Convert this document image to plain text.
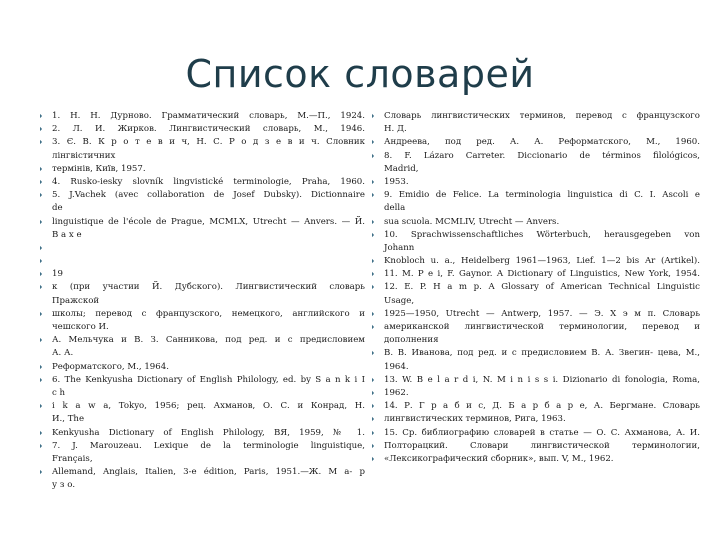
Список словарей
1. Н. Н. Дурново. Грамматический словарь, М.—П., 1924.
2. Л. И. Жирков. Лингвистический словарь, М., 1946.
3. Є. В. К р о т е в и ч, Н. С. Р о д з е в и ч. Словник
лінгвістичних
термінів, Київ, 1957.
4. Rusko-iesky slovník lingvistické terminologie, Praha, 1960.
5. J.Vachek (avec collaboration de Josef Dubsky). Dictionnaire
de
linguistique de l'école de Prague, MCMLX, Utrecht — Anvers. — Й.
B a x e
19
к (при участии Й. Дубского). Лингвистический словарь
Пражской
школы; перевод с французского, немецкого, английского и
чешского И.
А. Мельчука и В. З. Санникова, под ред. и с предисловием
А. А.
Реформатского, М., 1964.
6. The Kenkyusha Dictionary of English Philology, ed. by S a n k i I
c h
i k a w a, Tokyo, 1956; рец. Ахманов, О. С. и Конрад, Н.
И., The
Kenkyusha Dictionary of English Philology, ВЯ, 1959, № 1.
7. J. Marouzeau. Lexique de la terminologie linguistique,
Français,
Allemand, Anglais, Italien, 3-e édition, Paris, 1951.—Ж. М а- р
у з о.
Словарь лингвистических терминов, перевод с французского
Н. Д.
Андреева, под ред. А. А. Реформатского, М., 1960.
8. F. Lázaro Carreter. Diccionario de términos filológicos,
Madrid,
1953.
9. Emidio de Felice. La terminologia linguistica di C. I. Ascoli e
della
sua scuola. MCMLIV, Utrecht — Anvers.
10. Sprachwissenschaftliches Wörterbuch, herausgegeben von
Johann
Knobloch u. a., Heidelberg 1961—1963, Lief. 1—2 bis Ar (Artikel).
11. M. P e i, F. Gaynor. A Dictionary of Linguistics, New York, 1954.
12. E. P. H a m p. A Glossary of American Technical Linguistic
Usage,
1925—1950, Utrecht — Antwerp, 1957. — Э. Х э м п. Словарь
американской лингвистической терминологии, перевод и
дополнения
В. В. Иванова, под ред. и с предисловием В. А. Звегин- цева, М.,
1964.
13. W. B e l a r d i, N. M i n i s s i. Dizionario di fonologia, Roma,
1962.
14. Р. Г р а б и с, Д. Б а р б а р е, А. Бергмане. Словарь
лингвистических терминов, Рига, 1963.
15. Ср. библиографию словарей в статье — О. С. Ахманова, А. И.
Полторацкий. Словари лингвистической терминологии,
«Лексикографический сборник», вып. V, М., 1962.
